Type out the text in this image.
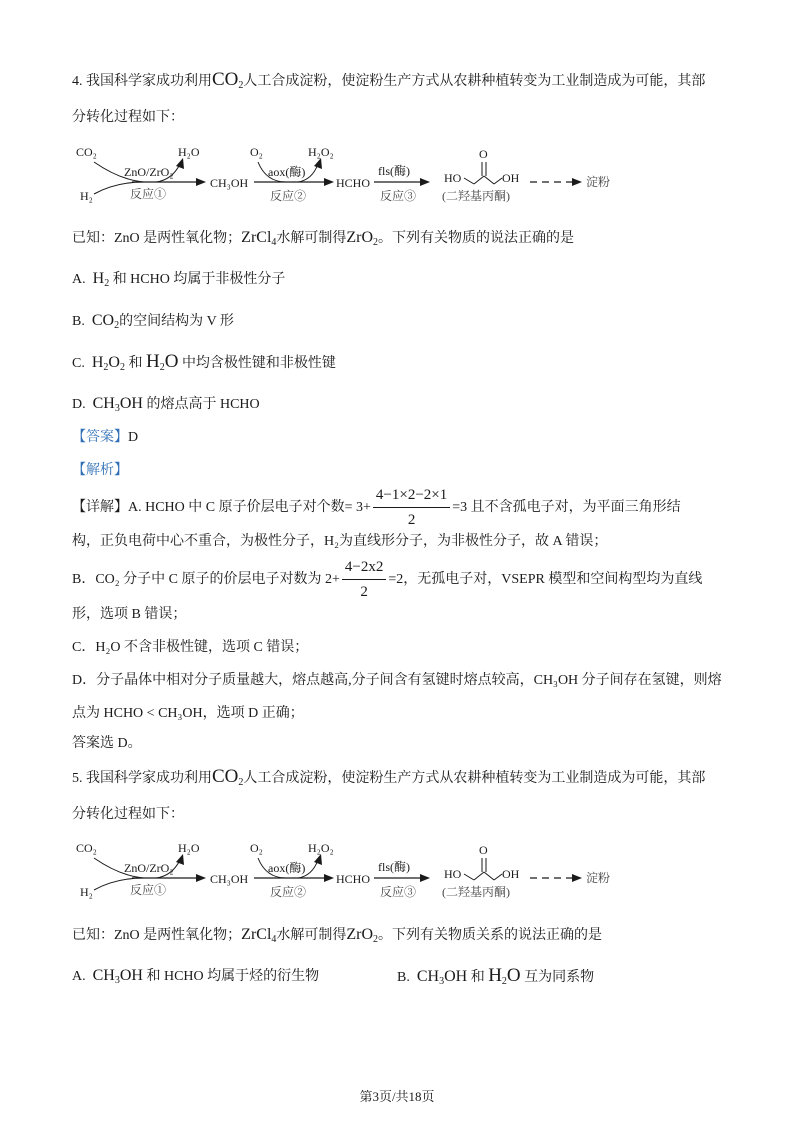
4. 我国科学家成功利用$CO_2$人工合成淀粉，使淀粉生产方式从农耕种植转变为工业制造成为可能，其部
分转化过程如下：
CO₂
H₂
H₂O
ZnO/ZrO₂
反应①
CH₃OH
O₂	H₂O₂
aox(酶)
反应②
HCHO
fls(酶)
反应③
HO
O
OH
(二羟基丙酮)
淀粉
已知：ZnO 是两性氧化物；ZrCl$_4$水解可制得ZrO$_2$。下列有关物质的说法正确的是
A. $H_2$ 和 HCHO 均属于非极性分子
B. $CO_2$的空间结构为 V 形
C. $H_2O_2$ 和 $H_2O$ 中均含极性键和非极性键
D. $CH_3OH$ 的熔点高于 HCHO
【答案】D
【解析】
【详解】A. HCHO 中 C 原子价层电子对个数= $3+ \frac{4-1\times 2-2\times 1}{2} =3$ 且不含孤电子对，为平面三角形结
构，正负电荷中心不重合，为极性分子，H₂为直线形分子，为非极性分子，故 A 错误；
B．CO₂ 分子中 C 原子的价层电子对数为 $2+ \frac{4-2x2}{2} =2$，无孤电子对，VSEPR 模型和空间构型均为直线
形，选项 B 错误；
C．H₂O 不含非极性键，选项 C 错误；
D．分子晶体中相对分子质量越大，熔点越高,分子间含有氢键时熔点较高，CH₃OH 分子间存在氢键，则熔
点为 HCHO < CH₃OH，选项 D 正确；
答案选 D。
5. 我国科学家成功利用$CO_2$人工合成淀粉，使淀粉生产方式从农耕种植转变为工业制造成为可能，其部
分转化过程如下：
CO₂
H₂
H₂O
ZnO/ZrO₂
反应①
CH₃OH
O₂	H₂O₂
aox(酶)
反应②
HCHO
fls(酶)
反应③
HO
O
OH
(二羟基丙酮)
淀粉
已知：ZnO 是两性氧化物；ZrCl$_4$水解可制得ZrO$_2$。下列有关物质关系的说法正确的是
A. $CH_3OH$ 和 HCHO 均属于烃的衍生物	B. $CH_3OH$ 和 $H_2O$ 互为同系物
第3页/共18页
